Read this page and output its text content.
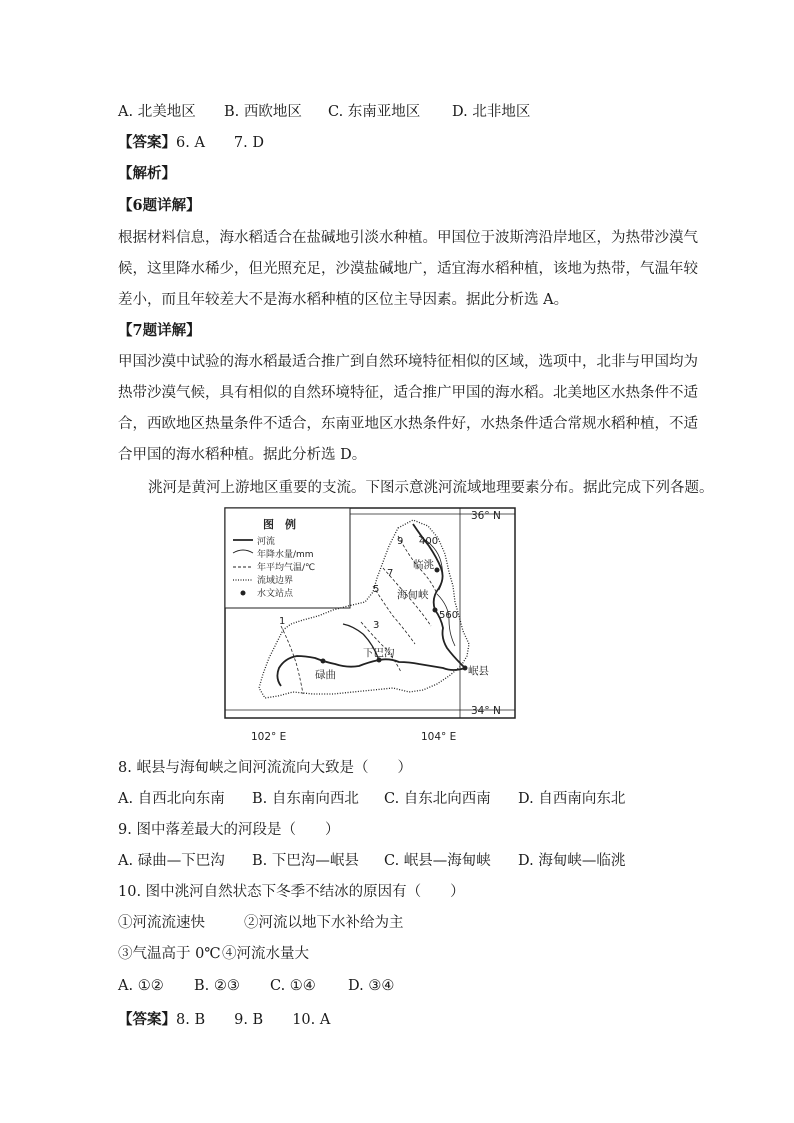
A. 北美地区 B. 西欧地区 C. 东南亚地区 D. 北非地区
【答案】6. A　　7. D
【解析】
【6题详解】
根据材料信息，海水稻适合在盐碱地引淡水种植。甲国位于波斯湾沿岸地区，为热带沙漠气
候，这里降水稀少，但光照充足，沙漠盐碱地广，适宜海水稻种植，该地为热带，气温年较
差小，而且年较差大不是海水稻种植的区位主导因素。据此分析选 A。
【7题详解】
甲国沙漠中试验的海水稻最适合推广到自然环境特征相似的区域，选项中，北非与甲国均为
热带沙漠气候，具有相似的自然环境特征，适合推广甲国的海水稻。北美地区水热条件不适
合，西欧地区热量条件不适合，东南亚地区水热条件好，水热条件适合常规水稻种植，不适
合甲国的海水稻种植。据此分析选 D。
洮河是黄河上游地区重要的支流。下图示意洮河流域地理要素分布。据此完成下列各题。
图　例
河流
年降水量/mm
年平均气温/℃
流域边界
水文站点
临洮
海甸峡
下巴沟
碌曲	岷县
400
560
9
7
5
3
1
36° N
34° N
102° E	104° E
8. 岷县与海甸峡之间河流流向大致是（　　）
A. 自西北向东南 B. 自东南向西北 C. 自东北向西南 D. 自西南向东北
9. 图中落差最大的河段是（　　）
A. 碌曲—下巴沟 B. 下巴沟—岷县 C. 岷县—海甸峡 D. 海甸峡—临洮
10. 图中洮河自然状态下冬季不结冰的原因有（　　）
①河流流速快	②河流以地下水补给为主
③气温高于 0℃④河流水量大
A. ①② B. ②③ C. ①④ D. ③④
【答案】8. B　　9. B　　10. A
